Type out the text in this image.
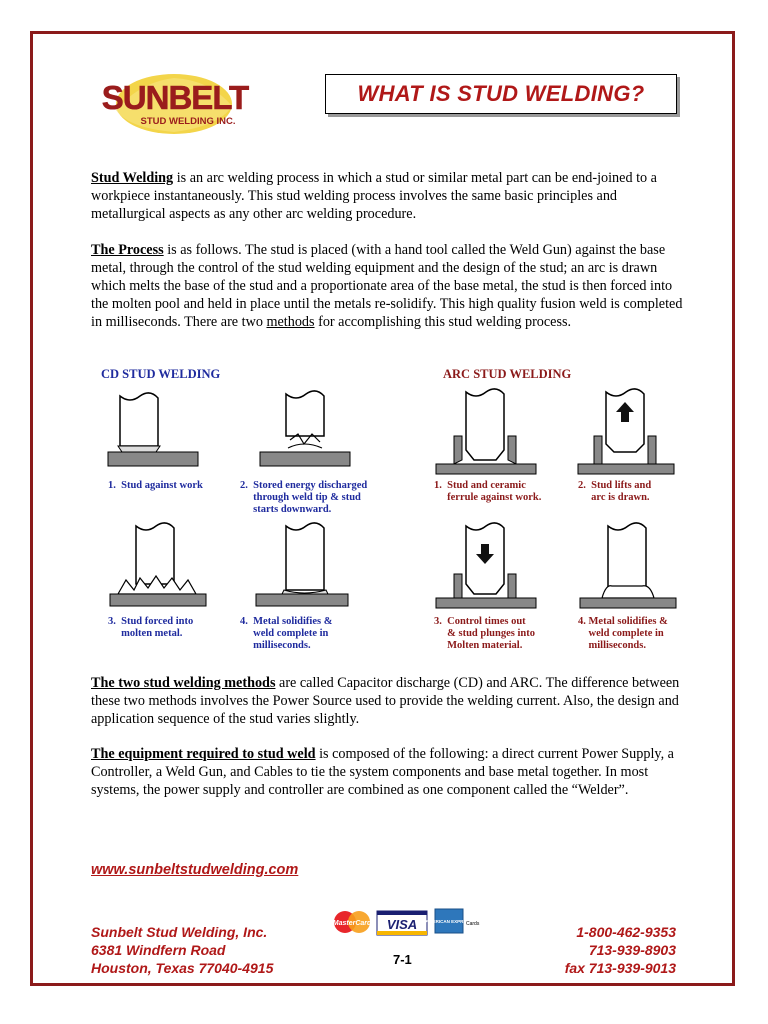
SUNBELT
STUD WELDING INC.
WHAT IS STUD WELDING?
Stud Welding is an arc welding process in which a stud or similar metal part can be end-joined to a workpiece instantaneously. This stud welding process involves the same basic principles and metallurgical aspects as any other arc welding procedure.
The Process is as follows. The stud is placed (with a hand tool called the Weld Gun) against the base metal, through the control of the stud welding equipment and the design of the stud; an arc is drawn which melts the base of the stud and a proportionate area of the base metal, the stud is then forced into the molten pool and held in place until the metals re-solidify. This high quality fusion weld is completed in milliseconds. There are two methods for accomplishing this stud welding process.
CD STUD WELDING	ARC STUD WELDING
1.  Stud against work	2.  Stored energy discharged
through weld tip & stud
starts downward.
3.  Stud forced into
molten metal.
4.  Metal solidifies &
weld complete in
milliseconds.
1.  Stud and ceramic
ferrule against work.
2.  Stud lifts and
arc is drawn.
3.  Control times out
& stud plunges into
Molten material.
4. Metal solidifies &
weld complete in
milliseconds.
The two stud welding methods are called Capacitor discharge (CD) and ARC. The difference between these two methods involves the Power Source used to provide the welding current. Also, the design and application sequence of the stud varies slightly.
The equipment required to stud weld is composed of the following: a direct current Power Supply, a Controller, a Weld Gun, and Cables to tie the system components and base metal together. In most systems, the power supply and controller are combined as one component called the “Welder”.
www.sunbeltstudwelding.com
Sunbelt Stud Welding, Inc.
6381 Windfern Road
Houston, Texas 77040-4915
MasterCard VISA AMERICAN EXPRESS
Cards
7-1
1-800-462-9353
713-939-8903
fax 713-939-9013
